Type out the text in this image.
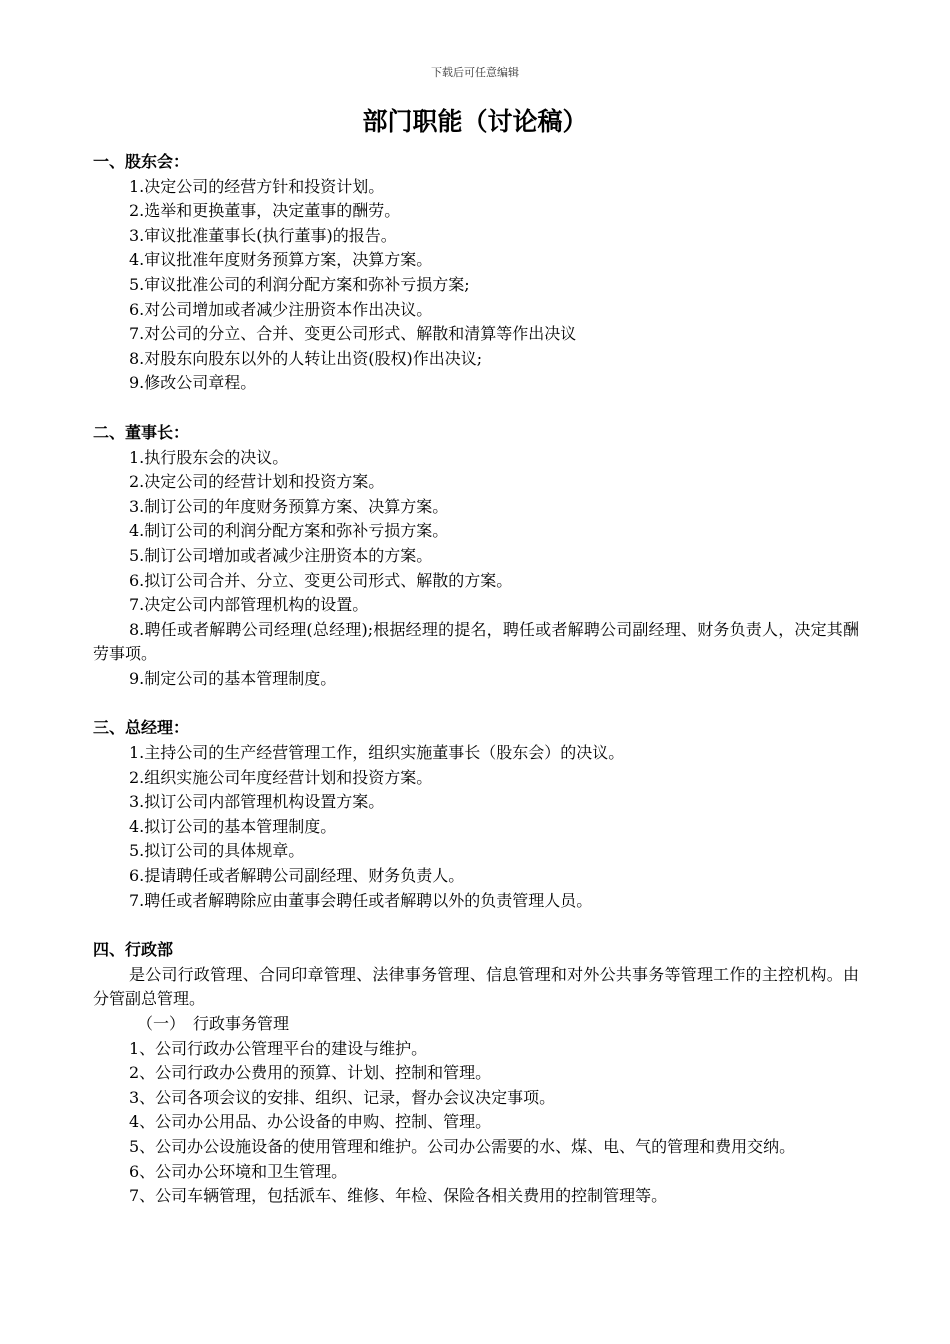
下载后可任意编辑
部门职能（讨论稿）

一、股东会：

1.决定公司的经营方针和投资计划。

2.选举和更换董事，决定董事的酬劳。

3.审议批准董事长(执行董事)的报告。

4.审议批准年度财务预算方案，决算方案。

5.审议批准公司的利润分配方案和弥补亏损方案;

6.对公司增加或者减少注册资本作出决议。

7.对公司的分立、合并、变更公司形式、解散和清算等作出决议

8.对股东向股东以外的人转让出资(股权)作出决议;

9.修改公司章程。

二、董事长：

1.执行股东会的决议。

2.决定公司的经营计划和投资方案。

3.制订公司的年度财务预算方案、决算方案。

4.制订公司的利润分配方案和弥补亏损方案。

5.制订公司增加或者减少注册资本的方案。

6.拟订公司合并、分立、变更公司形式、解散的方案。

7.决定公司内部管理机构的设置。

8.聘任或者解聘公司经理(总经理);根据经理的提名，聘任或者解聘公司副经理、财务负责人，决定其酬劳事项。

9.制定公司的基本管理制度。

三、总经理：

1.主持公司的生产经营管理工作，组织实施董事长（股东会）的决议。

2.组织实施公司年度经营计划和投资方案。

3.拟订公司内部管理机构设置方案。

4.拟订公司的基本管理制度。

5.拟订公司的具体规章。

6.提请聘任或者解聘公司副经理、财务负责人。

7.聘任或者解聘除应由董事会聘任或者解聘以外的负责管理人员。

四、行政部

是公司行政管理、合同印章管理、法律事务管理、信息管理和对外公共事务等管理工作的主控机构。由分管副总管理。

（一）　行政事务管理

1、公司行政办公管理平台的建设与维护。

2、公司行政办公费用的预算、计划、控制和管理。

3、公司各项会议的安排、组织、记录，督办会议决定事项。

4、公司办公用品、办公设备的申购、控制、管理。

5、公司办公设施设备的使用管理和维护。公司办公需要的水、煤、电、气的管理和费用交纳。

6、公司办公环境和卫生管理。

7、公司车辆管理，包括派车、维修、年检、保险各相关费用的控制管理等。
